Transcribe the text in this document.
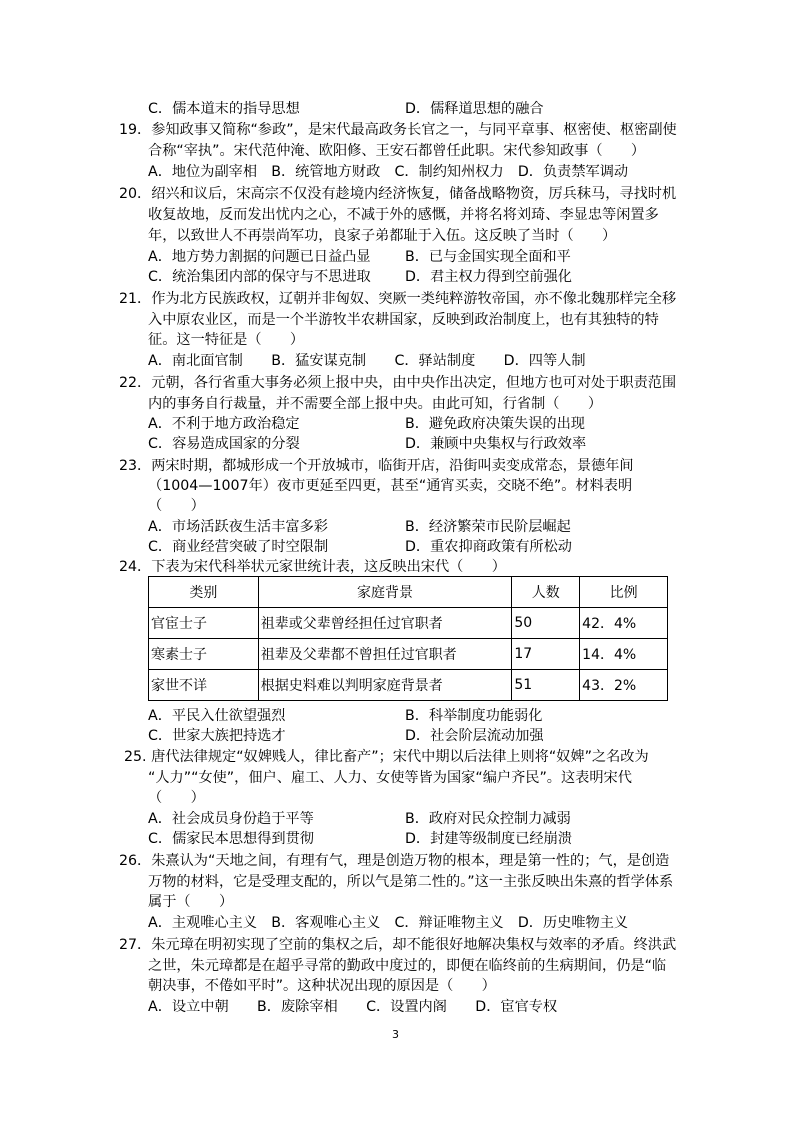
C．儒本道末的指导思想	D．儒释道思想的融合
19．参知政事又简称“参政”，是宋代最高政务长官之一，与同平章事、枢密使、枢密副使
合称“宰执”。宋代范仲淹、欧阳修、王安石都曾任此职。宋代参知政事（　　）
A．地位为副宰相　B．统管地方财政　C．制约知州权力　D．负责禁军调动
20．绍兴和议后，宋高宗不仅没有趁境内经济恢复，储备战略物资，厉兵秣马，寻找时机
收复故地，反而发出忧内之心，不减于外的感慨，并将名将刘琦、李显忠等闲置多
年，以致世人不再崇尚军功，良家子弟都耻于入伍。这反映了当时（　　）
A．地方势力割据的问题已日益凸显 B．已与金国实现全面和平
C．统治集团内部的保守与不思进取 D．君主权力得到空前强化
21．作为北方民族政权，辽朝并非匈奴、突厥一类纯粹游牧帝国，亦不像北魏那样完全移
入中原农业区，而是一个半游牧半农耕国家，反映到政治制度上，也有其独特的特
征。这一特征是（　　）
A．南北面官制　　B．猛安谋克制　　C．驿站制度　　D．四等人制
22．元朝，各行省重大事务必须上报中央，由中央作出决定，但地方也可对处于职责范围
内的事务自行裁量，并不需要全部上报中央。由此可知，行省制（　　）
A．不利于地方政治稳定	B．避免政府决策失误的出现
C．容易造成国家的分裂	D．兼顾中央集权与行政效率
23．两宋时期，都城形成一个开放城市，临街开店，沿街叫卖变成常态，景德年间
（1004—1007年）夜市更延至四更，甚至“通宵买卖，交晓不绝”。材料表明
（　　）
A．市场活跃夜生活丰富多彩	B．经济繁荣市民阶层崛起
C．商业经营突破了时空限制	D．重农抑商政策有所松动
24．下表为宋代科举状元家世统计表，这反映出宋代（　　）
类别	家庭背景	人数	比例
官宦士子	祖辈或父辈曾经担任过官职者	50	42．4%
寒素士子	祖辈及父辈都不曾担任过官职者	17	14．4%
家世不详	根据史料难以判明家庭背景者	51	43．2%
A．平民入仕欲望强烈	B．科举制度功能弱化
C．世家大族把持选才	D．社会阶层流动加强
25. 唐代法律规定“奴婢贱人，律比畜产”；宋代中期以后法律上则将“奴婢”之名改为
“人力”“女使”，佃户、雇工、人力、女使等皆为国家“编户齐民”。这表明宋代
（　　）
A．社会成员身份趋于平等	B．政府对民众控制力减弱
C．儒家民本思想得到贯彻	D．封建等级制度已经崩溃
26．朱熹认为“天地之间，有理有气，理是创造万物的根本，理是第一性的；气，是创造
万物的材料，它是受理支配的，所以气是第二性的。”这一主张反映出朱熹的哲学体系
属于（　　）
A．主观唯心主义　B．客观唯心主义　C．辩证唯物主义　D．历史唯物主义
27．朱元璋在明初实现了空前的集权之后，却不能很好地解决集权与效率的矛盾。终洪武
之世，朱元璋都是在超乎寻常的勤政中度过的，即便在临终前的生病期间，仍是“临
朝决事，不倦如平时”。这种状况出现的原因是（　　）
A．设立中朝　　B．废除宰相　　C．设置内阁　　D．宦官专权
3
